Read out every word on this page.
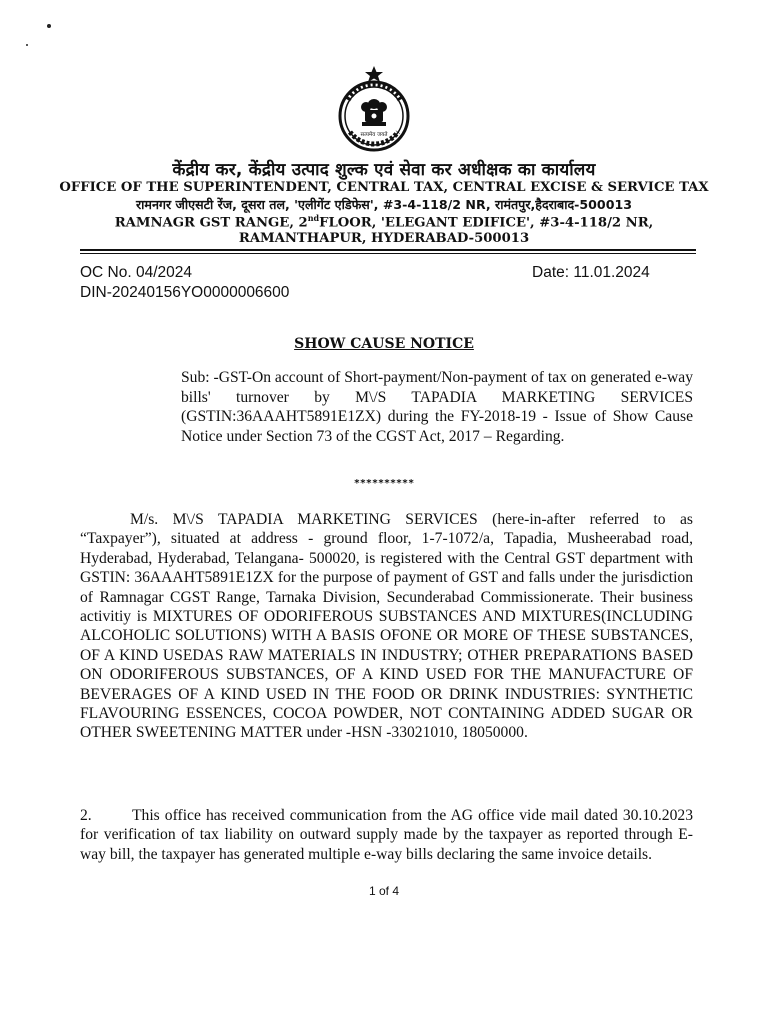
सत्यमेव जयते
केंद्रीय कर, केंद्रीय उत्पाद शुल्क एवं सेवा कर अधीक्षक का कार्यालय
OFFICE OF THE SUPERINTENDENT, CENTRAL TAX, CENTRAL EXCISE & SERVICE TAX
रामनगर जीएसटी रेंज, दूसरा तल, 'एलीगेंट एडिफेस', #3-4-118/2 NR, रामंतपुर,हैदराबाद-500013
RAMNAGR GST RANGE, 2ndFLOOR, 'ELEGANT EDIFICE', #3-4-118/2 NR,
RAMANTHAPUR, HYDERABAD-500013
OC No. 04/2024
DIN-20240156YO0000006600
Date: 11.01.2024
SHOW CAUSE NOTICE
Sub: -GST-On account of Short-payment/Non-payment of tax on generated e-way bills' turnover by M\/S TAPADIA MARKETING SERVICES (GSTIN:36AAAHT5891E1ZX) during the FY-2018-19 - Issue of Show Cause Notice under Section 73 of the CGST Act, 2017 – Regarding.
**********
M/s. M\/S TAPADIA MARKETING SERVICES (here-in-after referred to as “Taxpayer”), situated at address - ground floor, 1-7-1072/a, Tapadia, Musheerabad road, Hyderabad, Hyderabad, Telangana- 500020, is registered with the Central GST department with GSTIN: 36AAAHT5891E1ZX for the purpose of payment of GST and falls under the jurisdiction of Ramnagar CGST Range, Tarnaka Division, Secunderabad Commissionerate. Their business activitiy is MIXTURES OF ODORIFEROUS SUBSTANCES AND MIXTURES(INCLUDING ALCOHOLIC SOLUTIONS) WITH A BASIS OFONE OR MORE OF THESE SUBSTANCES, OF A KIND USEDAS RAW MATERIALS IN INDUSTRY; OTHER PREPARATIONS BASED ON ODORIFEROUS SUBSTANCES, OF A KIND USED FOR THE MANUFACTURE OF BEVERAGES OF A KIND USED IN THE FOOD OR DRINK INDUSTRIES: SYNTHETIC FLAVOURING ESSENCES, COCOA POWDER, NOT CONTAINING ADDED SUGAR OR OTHER SWEETENING MATTER under -HSN -33021010, 18050000.
2.	This office has received communication from the AG office vide mail dated 30.10.2023 for verification of tax liability on outward supply made by the taxpayer as reported through E-way bill, the taxpayer has generated multiple e-way bills declaring the same invoice details.
1 of 4
